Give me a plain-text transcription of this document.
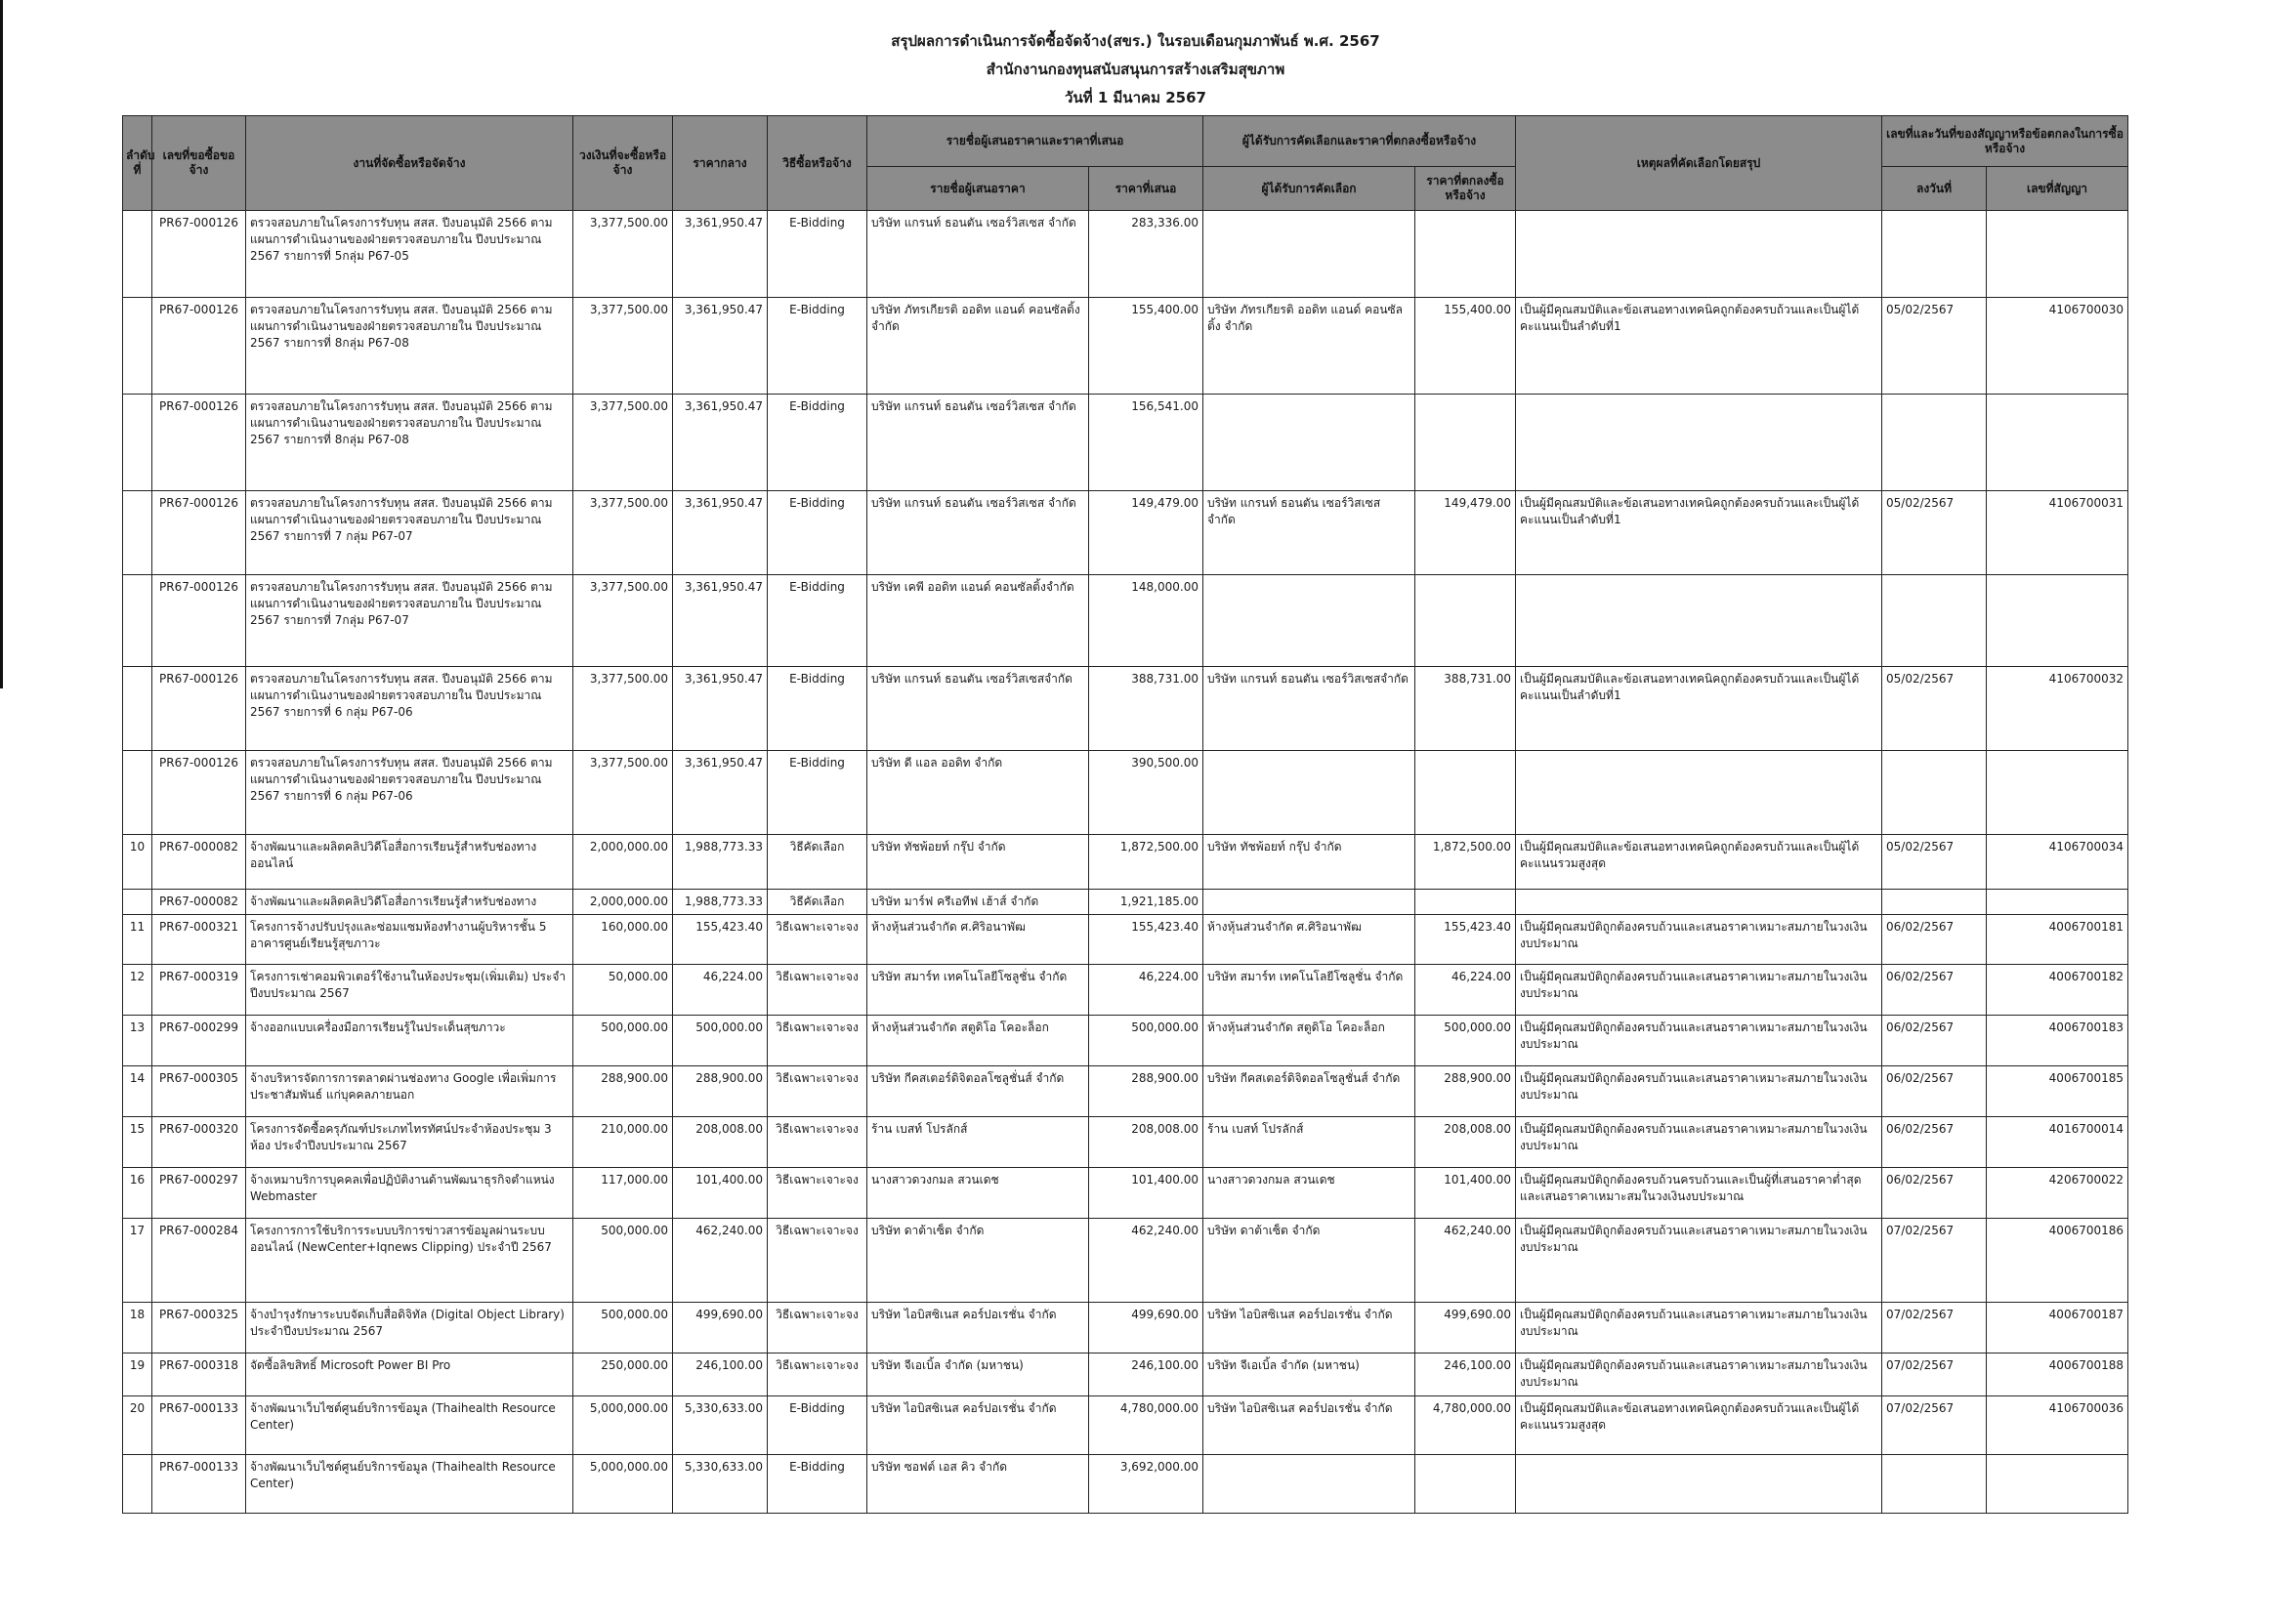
สรุปผลการดำเนินการจัดซื้อจัดจ้าง(สขร.) ในรอบเดือนกุมภาพันธ์ พ.ศ. 2567
สำนักงานกองทุนสนับสนุนการสร้างเสริมสุขภาพ
วันที่ 1 มีนาคม 2567
ลำดับที่	เลขที่ขอซื้อขอจ้าง	งานที่จัดซื้อหรือจัดจ้าง	วงเงินที่จะซื้อหรือจ้าง	ราคากลาง	วิธีซื้อหรือจ้าง	รายชื่อผู้เสนอราคาและราคาที่เสนอ		ผู้ได้รับการคัดเลือกและราคาที่ตกลงซื้อหรือจ้าง		เหตุผลที่คัดเลือกโดยสรุป	เลขที่และวันที่ของสัญญาหรือข้อตกลงในการซื้อหรือจ้าง	
						รายชื่อผู้เสนอราคา	ราคาที่เสนอ	ผู้ได้รับการคัดเลือก	ราคาที่ตกลงซื้อหรือจ้าง		ลงวันที่	เลขที่สัญญา
	PR67-000126	ตรวจสอบภายในโครงการรับทุน สสส. ปีงบอนุมัติ 2566 ตามแผนการดำเนินงานของฝ่ายตรวจสอบภายใน ปีงบประมาณ 2567 รายการที่ 5กลุ่ม P67-05	3,377,500.00	3,361,950.47	E-Bidding	บริษัท แกรนท์ ธอนตัน เซอร์วิสเซส จำกัด	283,336.00					
	PR67-000126	ตรวจสอบภายในโครงการรับทุน สสส. ปีงบอนุมัติ 2566 ตามแผนการดำเนินงานของฝ่ายตรวจสอบภายใน ปีงบประมาณ 2567 รายการที่ 8กลุ่ม P67-08	3,377,500.00	3,361,950.47	E-Bidding	บริษัท ภัทรเกียรติ ออดิท แอนด์ คอนซัลติ้ง จำกัด	155,400.00	บริษัท ภัทรเกียรติ ออดิท แอนด์ คอนซัลติ้ง จำกัด	155,400.00	เป็นผู้มีคุณสมบัติและข้อเสนอทางเทคนิคถูกต้องครบถ้วนและเป็นผู้ได้คะแนนเป็นลำดับที่1	05/02/2567	4106700030
	PR67-000126	ตรวจสอบภายในโครงการรับทุน สสส. ปีงบอนุมัติ 2566 ตามแผนการดำเนินงานของฝ่ายตรวจสอบภายใน ปีงบประมาณ 2567 รายการที่ 8กลุ่ม P67-08	3,377,500.00	3,361,950.47	E-Bidding	บริษัท แกรนท์ ธอนตัน เซอร์วิสเซส จำกัด	156,541.00					
	PR67-000126	ตรวจสอบภายในโครงการรับทุน สสส. ปีงบอนุมัติ 2566 ตามแผนการดำเนินงานของฝ่ายตรวจสอบภายใน ปีงบประมาณ 2567 รายการที่ 7 กลุ่ม P67-07	3,377,500.00	3,361,950.47	E-Bidding	บริษัท แกรนท์ ธอนตัน เซอร์วิสเซส จำกัด	149,479.00	บริษัท แกรนท์ ธอนตัน เซอร์วิสเซส จำกัด	149,479.00	เป็นผู้มีคุณสมบัติและข้อเสนอทางเทคนิคถูกต้องครบถ้วนและเป็นผู้ได้คะแนนเป็นลำดับที่1	05/02/2567	4106700031
	PR67-000126	ตรวจสอบภายในโครงการรับทุน สสส. ปีงบอนุมัติ 2566 ตามแผนการดำเนินงานของฝ่ายตรวจสอบภายใน ปีงบประมาณ 2567 รายการที่ 7กลุ่ม P67-07	3,377,500.00	3,361,950.47	E-Bidding	บริษัท เคพี ออดิท แอนด์ คอนซัลติ้งจำกัด	148,000.00					
	PR67-000126	ตรวจสอบภายในโครงการรับทุน สสส. ปีงบอนุมัติ 2566 ตามแผนการดำเนินงานของฝ่ายตรวจสอบภายใน ปีงบประมาณ 2567 รายการที่ 6 กลุ่ม P67-06	3,377,500.00	3,361,950.47	E-Bidding	บริษัท แกรนท์ ธอนตัน เซอร์วิสเซสจำกัด	388,731.00	บริษัท แกรนท์ ธอนตัน เซอร์วิสเซสจำกัด	388,731.00	เป็นผู้มีคุณสมบัติและข้อเสนอทางเทคนิคถูกต้องครบถ้วนและเป็นผู้ได้คะแนนเป็นลำดับที่1	05/02/2567	4106700032
	PR67-000126	ตรวจสอบภายในโครงการรับทุน สสส. ปีงบอนุมัติ 2566 ตามแผนการดำเนินงานของฝ่ายตรวจสอบภายใน ปีงบประมาณ 2567 รายการที่ 6 กลุ่ม P67-06	3,377,500.00	3,361,950.47	E-Bidding	บริษัท ดี แอล ออดิท จำกัด	390,500.00					
10	PR67-000082	จ้างพัฒนาและผลิตคลิปวิดีโอสื่อการเรียนรู้สำหรับช่องทางออนไลน์	2,000,000.00	1,988,773.33	วิธีคัดเลือก	บริษัท ทัชพ้อยท์ กรุ๊ป จำกัด	1,872,500.00	บริษัท ทัชพ้อยท์ กรุ๊ป จำกัด	1,872,500.00	เป็นผู้มีคุณสมบัติและข้อเสนอทางเทคนิคถูกต้องครบถ้วนและเป็นผู้ได้คะแนนรวมสูงสุด	05/02/2567	4106700034
	PR67-000082	จ้างพัฒนาและผลิตคลิปวิดีโอสื่อการเรียนรู้สำหรับช่องทาง	2,000,000.00	1,988,773.33	วิธีคัดเลือก	บริษัท มาร์ฟ ครีเอทีฟ เฮ้าส์ จำกัด	1,921,185.00					
11	PR67-000321	โครงการจ้างปรับปรุงและซ่อมแซมห้องทำงานผู้บริหารชั้น 5 อาคารศูนย์เรียนรู้สุขภาวะ	160,000.00	155,423.40	วิธีเฉพาะเจาะจง	ห้างหุ้นส่วนจำกัด ศ.ศิริอนาพัฒ	155,423.40	ห้างหุ้นส่วนจำกัด ศ.ศิริอนาพัฒ	155,423.40	เป็นผู้มีคุณสมบัติถูกต้องครบถ้วนและเสนอราคาเหมาะสมภายในวงเงินงบประมาณ	06/02/2567	4006700181
12	PR67-000319	โครงการเช่าคอมพิวเตอร์ใช้งานในห้องประชุม(เพิ่มเติม) ประจำปีงบประมาณ 2567	50,000.00	46,224.00	วิธีเฉพาะเจาะจง	บริษัท สมาร์ท เทคโนโลยีโซลูชั่น จำกัด	46,224.00	บริษัท สมาร์ท เทคโนโลยีโซลูชั่น จำกัด	46,224.00	เป็นผู้มีคุณสมบัติถูกต้องครบถ้วนและเสนอราคาเหมาะสมภายในวงเงินงบประมาณ	06/02/2567	4006700182
13	PR67-000299	จ้างออกแบบเครื่องมือการเรียนรู้ในประเด็นสุขภาวะ	500,000.00	500,000.00	วิธีเฉพาะเจาะจง	ห้างหุ้นส่วนจำกัด สตูดิโอ โคอะล็อก	500,000.00	ห้างหุ้นส่วนจำกัด สตูดิโอ โคอะล็อก	500,000.00	เป็นผู้มีคุณสมบัติถูกต้องครบถ้วนและเสนอราคาเหมาะสมภายในวงเงินงบประมาณ	06/02/2567	4006700183
14	PR67-000305	จ้างบริหารจัดการการตลาดผ่านช่องทาง Google เพื่อเพิ่มการประชาสัมพันธ์ แก่บุคคลภายนอก	288,900.00	288,900.00	วิธีเฉพาะเจาะจง	บริษัท กีคสเตอร์ดิจิตอลโซลูชั่นส์ จำกัด	288,900.00	บริษัท กีคสเตอร์ดิจิตอลโซลูชั่นส์ จำกัด	288,900.00	เป็นผู้มีคุณสมบัติถูกต้องครบถ้วนและเสนอราคาเหมาะสมภายในวงเงินงบประมาณ	06/02/2567	4006700185
15	PR67-000320	โครงการจัดซื้อครุภัณฑ์ประเภทไทรทัศน์ประจำห้องประชุม 3 ห้อง ประจำปีงบประมาณ 2567	210,000.00	208,008.00	วิธีเฉพาะเจาะจง	ร้าน เบสท์ โปรลักส์	208,008.00	ร้าน เบสท์ โปรลักส์	208,008.00	เป็นผู้มีคุณสมบัติถูกต้องครบถ้วนและเสนอราคาเหมาะสมภายในวงเงินงบประมาณ	06/02/2567	4016700014
16	PR67-000297	จ้างเหมาบริการบุคคลเพื่อปฏิบัติงานด้านพัฒนาธุรกิจตำแหน่ง Webmaster	117,000.00	101,400.00	วิธีเฉพาะเจาะจง	นางสาวดวงกมล สวนเดช	101,400.00	นางสาวดวงกมล สวนเดช	101,400.00	เป็นผู้มีคุณสมบัติถูกต้องครบถ้วนครบถ้วนและเป็นผู้ที่เสนอราคาต่ำสุดและเสนอราคาเหมาะสมในวงเงินงบประมาณ	06/02/2567	4206700022
17	PR67-000284	โครงการการใช้บริการระบบบริการข่าวสารข้อมูลผ่านระบบออนไลน์ (NewCenter+Iqnews Clipping) ประจำปี 2567	500,000.00	462,240.00	วิธีเฉพาะเจาะจง	บริษัท ดาต้าเซ็ต จำกัด	462,240.00	บริษัท ดาต้าเซ็ต จำกัด	462,240.00	เป็นผู้มีคุณสมบัติถูกต้องครบถ้วนและเสนอราคาเหมาะสมภายในวงเงินงบประมาณ	07/02/2567	4006700186
18	PR67-000325	จ้างบำรุงรักษาระบบจัดเก็บสื่อดิจิทัล (Digital Object Library) ประจำปีงบประมาณ 2567	500,000.00	499,690.00	วิธีเฉพาะเจาะจง	บริษัท ไอบิสซิเนส คอร์ปอเรชั่น จำกัด	499,690.00	บริษัท ไอบิสซิเนส คอร์ปอเรชั่น จำกัด	499,690.00	เป็นผู้มีคุณสมบัติถูกต้องครบถ้วนและเสนอราคาเหมาะสมภายในวงเงินงบประมาณ	07/02/2567	4006700187
19	PR67-000318	จัดซื้อลิขสิทธิ์ Microsoft Power BI Pro	250,000.00	246,100.00	วิธีเฉพาะเจาะจง	บริษัท จีเอเบิ้ล จำกัด (มหาชน)	246,100.00	บริษัท จีเอเบิ้ล จำกัด (มหาชน)	246,100.00	เป็นผู้มีคุณสมบัติถูกต้องครบถ้วนและเสนอราคาเหมาะสมภายในวงเงินงบประมาณ	07/02/2567	4006700188
20	PR67-000133	จ้างพัฒนาเว็บไซต์ศูนย์บริการข้อมูล (Thaihealth Resource Center)	5,000,000.00	5,330,633.00	E-Bidding	บริษัท ไอบิสซิเนส คอร์ปอเรชั่น จำกัด	4,780,000.00	บริษัท ไอบิสซิเนส คอร์ปอเรชั่น จำกัด	4,780,000.00	เป็นผู้มีคุณสมบัติและข้อเสนอทางเทคนิคถูกต้องครบถ้วนและเป็นผู้ได้คะแนนรวมสูงสุด	07/02/2567	4106700036
	PR67-000133	จ้างพัฒนาเว็บไซต์ศูนย์บริการข้อมูล (Thaihealth Resource Center)	5,000,000.00	5,330,633.00	E-Bidding	บริษัท ซอฟต์ เอส คิว จำกัด	3,692,000.00					
